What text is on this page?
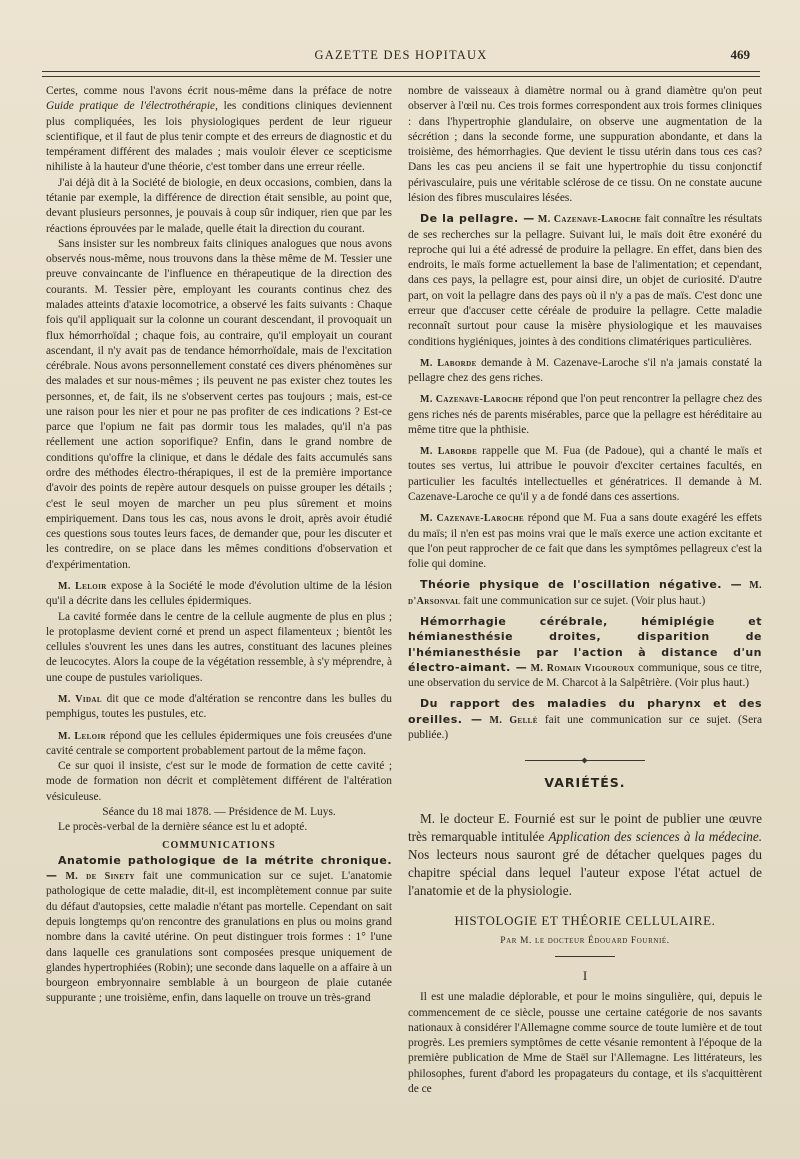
GAZETTE DES HOPITAUX	469

Certes, comme nous l'avons écrit nous-même dans la préface de notre Guide pratique de l'électrothérapie, les conditions cliniques deviennent plus compliquées, les lois physiologiques perdent de leur rigueur scientifique, et il faut de plus tenir compte et des erreurs de diagnostic et du tempérament différent des malades ; mais vouloir élever ce scepticisme nihiliste à la hauteur d'une théorie, c'est tomber dans une erreur réelle.

J'ai déjà dit à la Société de biologie, en deux occasions, combien, dans la tétanie par exemple, la différence de direction était sensible, au point que, devant plusieurs personnes, je pouvais à coup sûr indiquer, rien que par les réactions éprouvées par le malade, quelle était la direction du courant.

Sans insister sur les nombreux faits cliniques analogues que nous avons observés nous-même, nous trouvons dans la thèse même de M. Tessier une preuve convaincante de l'influence en thérapeutique de la direction des courants. M. Tessier père, employant les courants continus chez des malades atteints d'ataxie locomotrice, a observé les faits suivants : Chaque fois qu'il appliquait sur la colonne un courant descendant, il provoquait un flux hémorrhoïdal ; chaque fois, au contraire, qu'il employait un courant ascendant, il n'y avait pas de tendance hémorrhoïdale, mais de l'excitation cérébrale. Nous avons personnellement constaté ces divers phénomènes sur des malades et sur nous-mêmes ; ils peuvent ne pas exister chez toutes les personnes, et, de fait, ils ne s'observent certes pas toujours ; mais, est-ce une raison pour les nier et pour ne pas profiter de ces indications ? Est-ce parce que l'opium ne fait pas dormir tous les malades, qu'il n'a pas réellement une action soporifique? Enfin, dans le grand nombre de conditions qu'offre la clinique, et dans le dédale des faits accumulés sans ordre des méthodes électro-thérapiques, il est de la première importance d'avoir des points de repère autour desquels on puisse grouper les détails ; c'est le seul moyen de marcher un peu plus sûrement et moins empiriquement. Dans tous les cas, nous avons le droit, après avoir étudié ces questions sous toutes leurs faces, de demander que, pour les discuter et les contredire, on se place dans les mêmes conditions d'observation et d'expérimentation.

M. Leloir expose à la Société le mode d'évolution ultime de la lésion qu'il a décrite dans les cellules épidermiques.

La cavité formée dans le centre de la cellule augmente de plus en plus ; le protoplasme devient corné et prend un aspect filamenteux ; bientôt les cellules s'ouvrent les unes dans les autres, constituant des lacunes pleines de leucocytes. Alors la coupe de la végétation ressemble, à s'y méprendre, à une coupe de pustules varioliques.

M. Vidal dit que ce mode d'altération se rencontre dans les bulles du pemphigus, toutes les pustules, etc.

M. Leloir répond que les cellules épidermiques une fois creusées d'une cavité centrale se comportent probablement partout de la même façon.

Ce sur quoi il insiste, c'est sur le mode de formation de cette cavité ; mode de formation non décrit et complètement différent de l'altération vésiculeuse.

Séance du 18 mai 1878. — Présidence de M. Luys.

Le procès-verbal de la dernière séance est lu et adopté.

COMMUNICATIONS

Anatomie pathologique de la métrite chronique. — M. de Sinety fait une communication sur ce sujet. L'anatomie pathologique de cette maladie, dit-il, est incomplètement connue par suite du défaut d'autopsies, cette maladie n'étant pas mortelle. Cependant on sait depuis longtemps qu'on rencontre des granulations en plus ou moins grand nombre dans la cavité utérine. On peut distinguer trois formes : 1° l'une dans laquelle ces granulations sont composées presque uniquement de glandes hypertrophiées (Robin); une seconde dans laquelle on a affaire à un bourgeon embryonnaire semblable à un bourgeon de plaie cutanée suppurante ; une troisième, enfin, dans laquelle on trouve un très-grand

nombre de vaisseaux à diamètre normal ou à grand diamètre qu'on peut observer à l'œil nu. Ces trois formes correspondent aux trois formes cliniques : dans l'hypertrophie glandulaire, on observe une augmentation de la sécrétion ; dans la seconde forme, une suppuration abondante, et dans la troisième, des hémorrhagies. Que devient le tissu utérin dans tous ces cas? Dans les cas peu anciens il se fait une hypertrophie du tissu conjonctif périvasculaire, puis une véritable sclérose de ce tissu. On ne constate aucune lésion des fibres musculaires lésées.

De la pellagre. — M. Cazenave-Laroche fait connaître les résultats de ses recherches sur la pellagre. Suivant lui, le maïs doit être exonéré du reproche qui lui a été adressé de produire la pellagre. En effet, dans bien des endroits, le maïs forme actuellement la base de l'alimentation; et cependant, dans ces pays, la pellagre est, pour ainsi dire, un objet de curiosité. D'autre part, on voit la pellagre dans des pays où il n'y a pas de maïs. C'est donc une erreur que d'accuser cette céréale de produire la pellagre. Cette maladie reconnaît surtout pour cause la misère physiologique et les mauvaises conditions hygiéniques, jointes à des conditions climatériques particulières.

M. Laborde demande à M. Cazenave-Laroche s'il n'a jamais constaté la pellagre chez des gens riches.

M. Cazenave-Laroche répond que l'on peut rencontrer la pellagre chez des gens riches nés de parents misérables, parce que la pellagre est héréditaire au même titre que la phthisie.

M. Laborde rappelle que M. Fua (de Padoue), qui a chanté le maïs et toutes ses vertus, lui attribue le pouvoir d'exciter certaines facultés, en particulier les facultés intellectuelles et génératrices. Il demande à M. Cazenave-Laroche ce qu'il y a de fondé dans ces assertions.

M. Cazenave-Laroche répond que M. Fua a sans doute exagéré les effets du maïs; il n'en est pas moins vrai que le maïs exerce une action excitante et que l'on peut rapprocher de ce fait que dans les symptômes pellagreux c'est la folie qui domine.

Théorie physique de l'oscillation négative. — M. d'Arsonval fait une communication sur ce sujet. (Voir plus haut.)

Hémorrhagie cérébrale, hémiplégie et hémianesthésie droites, disparition de l'hémianesthésie par l'action à distance d'un électro-aimant. — M. Romain Vigouroux communique, sous ce titre, une observation du service de M. Charcot à la Salpêtrière. (Voir plus haut.)

Du rapport des maladies du pharynx et des oreilles. — M. Gellé fait une communication sur ce sujet. (Sera publiée.)

VARIÉTÉS.

M. le docteur E. Fournié est sur le point de publier une œuvre très remarquable intitulée Application des sciences à la médecine. Nos lecteurs nous sauront gré de détacher quelques pages du chapitre spécial dans lequel l'auteur expose l'état actuel de l'anatomie et de la physiologie.

HISTOLOGIE ET THÉORIE CELLULAIRE.
Par M. le docteur Édouard Fournié.
I

Il est une maladie déplorable, et pour le moins singulière, qui, depuis le commencement de ce siècle, pousse une certaine catégorie de nos savants nationaux à considérer l'Allemagne comme source de toute lumière et de tout progrès. Les premiers symptômes de cette vésanie remontent à l'époque de la première publication de Mme de Staël sur l'Allemagne. Les littérateurs, les philosophes, furent d'abord les propagateurs du contage, et ils s'acquittèrent de ce
